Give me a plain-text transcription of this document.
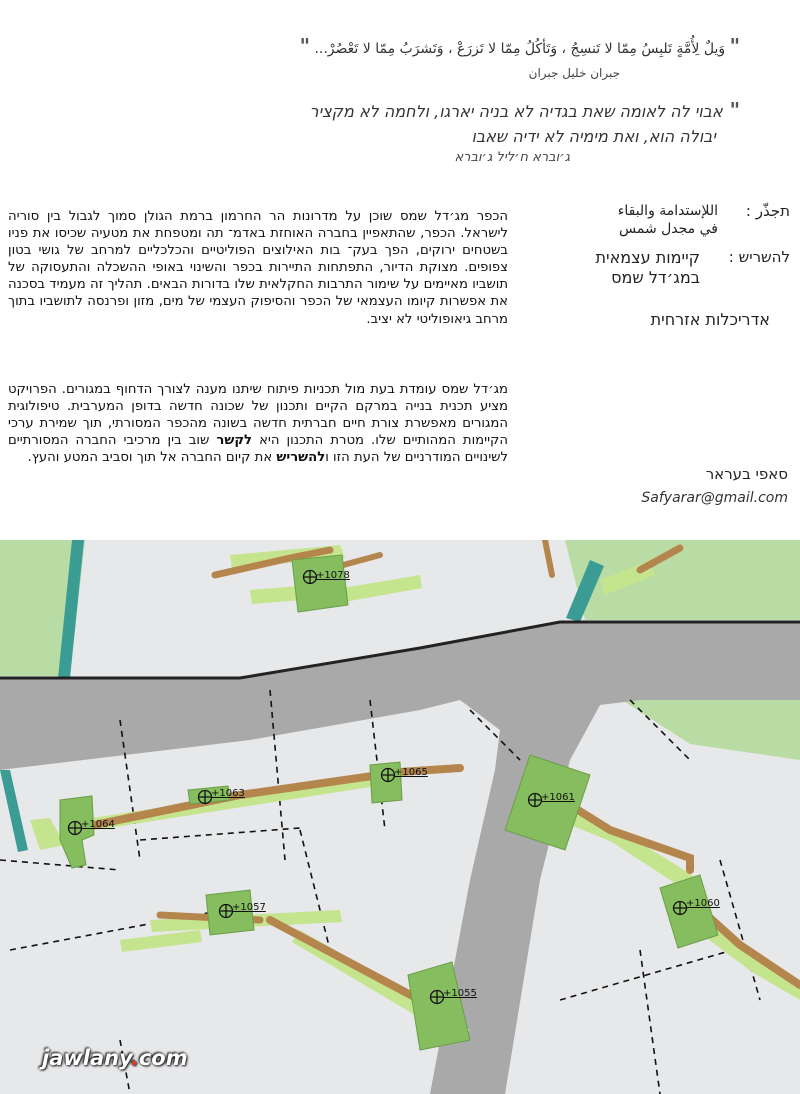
" وَيلٌ لِأُمَّةٍ تَلبِسُ مِمّا لا تَنسِجُ ، وَتَأكُلُ مِمّا لا تَزرَعْ ، وَتَشرَبُ مِمّا لا تَعْصُرْ... "
جبران خليل جبران
" אבוי לה לאומה שאת בגדיה לא בניה יארגו, ולחמה לא מקציר
יבולה הוא, ואת מימיה לא ידיה שאבו
ג׳וברא ח׳ליל ג׳וברא
תجذّر :
اللإستدامة والبقاء
في مجدل شمس
להשריש :
קיימות עצמאית
במג׳דל שמס
אדריכלות אזרחית
סאפי בעראר
Safyarar@gmail.com
הכפר מג׳דל שמס שוכן על מדרונות הר החרמון ברמת הגולן סמוך לגבול בין סוריה לישראל. הכפר, שהתאפיין בחברה האוחזת באדמ־ תה ומטפחת את מטעיה שכיסו את פניו בשטחים ירוקים, הפך בעק־ בות האילוצים הפוליטיים והכלכליים למרחב של גושי בטון צפופים. מצוקת הדיור, התפתחות התיירות בכפר והשינוי באופי ההשכלה והתעסוקה של תושביו מאיימים על שימור התרבות החקלאית שלו בדורות הבאים. תהליך זה מעמיד בסכנה את אפשרות קיומו העצמאי של הכפר והסיפוק העצמי של מים, מזון ופרנסה לתושביו בתוך מרחב גיאופוליטי לא יציב.
מג׳דל שמס עומדת בעת מול תכניות פיתוח שיתנו מענה לצורך הדחוף במגורים. הפרויקט מציע תכנית בנייה במרקם הקיים ותכנון של שכונה חדשה בדופן המערבית. טיפולוגית המגורים מאפשרת צורת חיים חברתית חדשה בשונה מהכפר המסורתי, תוך שמירת ערכי הקיימות המהותיים שלו. מטרת התכנון היא לקשר שוב בין מרכיבי החברה המסורתיים לשינויים המודרניים של העת הזו ולהשריש את קיום החברה אל תוך וסביב המטע והעץ.
+1078
+1065
+1063
+1064
+1061
+1057	+1060
+1055
jawlany.com
